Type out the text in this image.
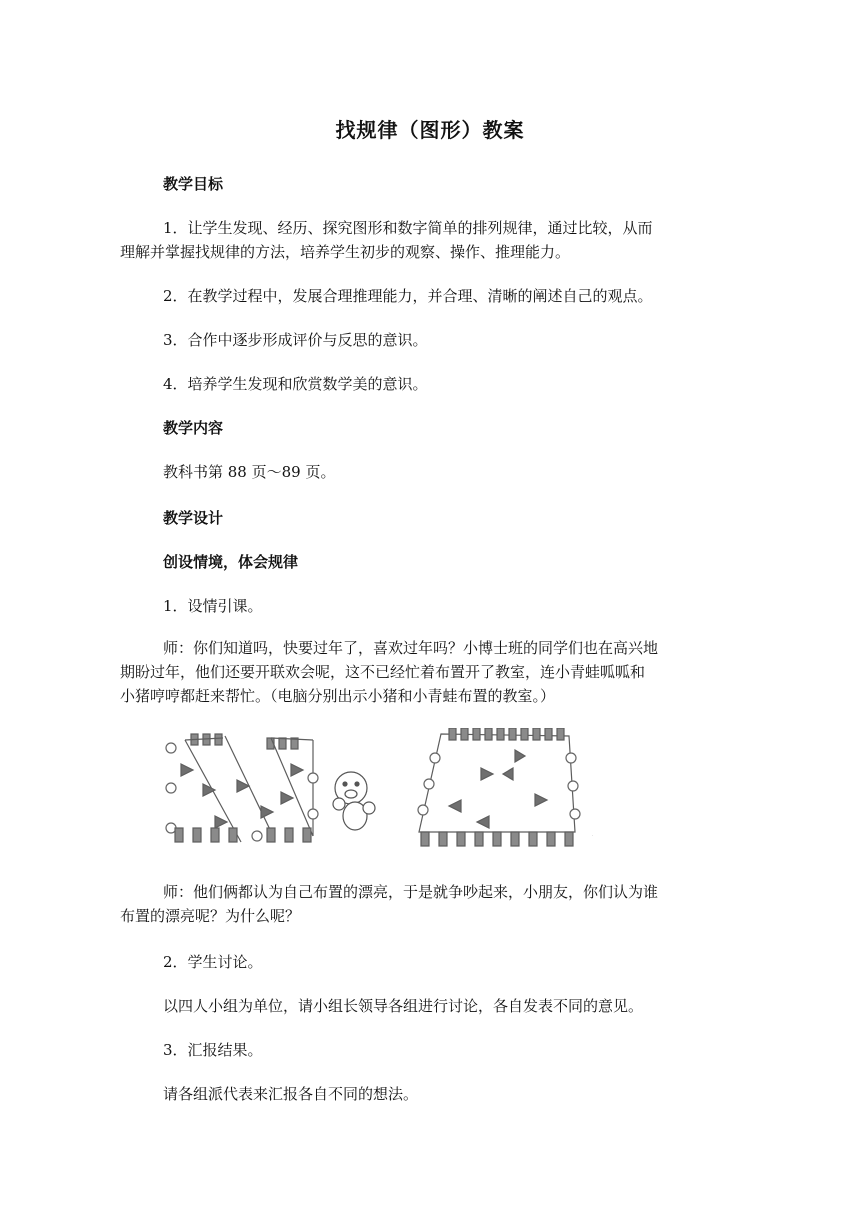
找规律（图形）教案
教学目标
1．让学生发现、经历、探究图形和数字简单的排列规律，通过比较，从而
理解并掌握找规律的方法，培养学生初步的观察、操作、推理能力。
2．在教学过程中，发展合理推理能力，并合理、清晰的阐述自己的观点。
3．合作中逐步形成评价与反思的意识。
4．培养学生发现和欣赏数学美的意识。
教学内容
教科书第 88 页～89 页。
教学设计
创设情境，体会规律
1．设情引课。
师：你们知道吗，快要过年了，喜欢过年吗？小博士班的同学们也在高兴地
期盼过年，他们还要开联欢会呢，这不已经忙着布置开了教室，连小青蛙呱呱和
小猪哼哼都赶来帮忙。（电脑分别出示小猪和小青蛙布置的教室。）
师：他们俩都认为自己布置的漂亮，于是就争吵起来，小朋友，你们认为谁
布置的漂亮呢？为什么呢？
2．学生讨论。
以四人小组为单位，请小组长领导各组进行讨论，各自发表不同的意见。
3．汇报结果。
请各组派代表来汇报各自不同的想法。
